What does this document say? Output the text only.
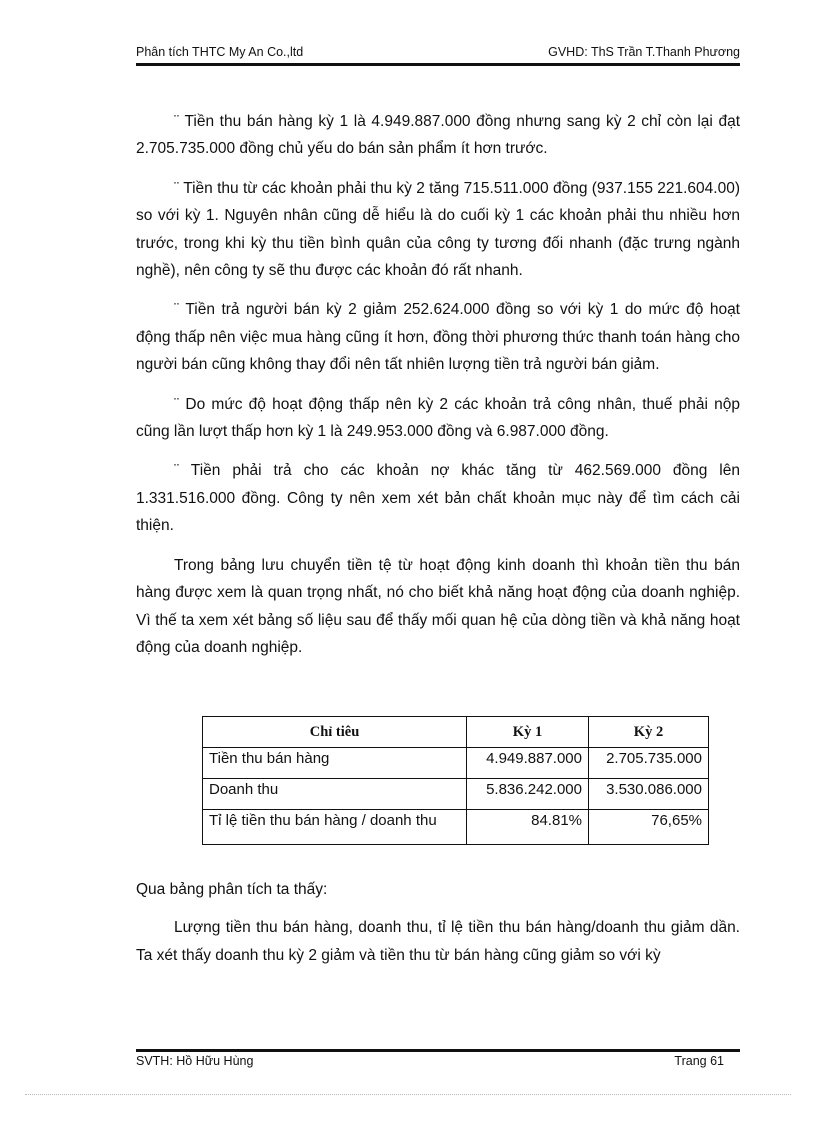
Phân tích THTC My An Co.,ltd	GVHD: ThS Trần T.Thanh Phương

¨ Tiền thu bán hàng kỳ 1 là 4.949.887.000 đồng nhưng sang kỳ 2 chỉ còn lại đạt 2.705.735.000 đồng chủ yếu do bán sản phẩm ít hơn trước.

¨ Tiền thu từ các khoản phải thu kỳ 2 tăng 715.511.000 đồng (937.155 221.604.00) so với kỳ 1. Nguyên nhân cũng dễ hiểu là do cuối kỳ 1 các khoản phải thu nhiều hơn trước, trong khi kỳ thu tiền bình quân của công ty tương đối nhanh (đặc trưng ngành nghề), nên công ty sẽ thu được các khoản đó rất nhanh.

¨ Tiền trả người bán kỳ 2 giảm 252.624.000 đồng so với kỳ 1 do mức độ hoạt động thấp nên việc mua hàng cũng ít hơn, đồng thời phương thức thanh toán hàng cho người bán cũng không thay đổi nên tất nhiên lượng tiền trả người bán giảm.

¨ Do mức độ hoạt động thấp nên kỳ 2 các khoản trả công nhân, thuế phải nộp cũng lần lượt thấp hơn kỳ 1 là 249.953.000 đồng và 6.987.000 đồng.

¨ Tiền phải trả cho các khoản nợ khác tăng từ 462.569.000 đồng lên 1.331.516.000 đồng. Công ty nên xem xét bản chất khoản mục này để tìm cách cải thiện.

Trong bảng lưu chuyển tiền tệ từ hoạt động kinh doanh thì khoản tiền thu bán hàng được xem là quan trọng nhất, nó cho biết khả năng hoạt động của doanh nghiệp. Vì thế ta xem xét bảng số liệu sau để thấy mối quan hệ của dòng tiền và khả năng hoạt động của doanh nghiệp.

Chỉ tiêu	Kỳ 1	Kỳ 2
Tiền thu bán hàng	4.949.887.000	2.705.735.000
Doanh thu	5.836.242.000	3.530.086.000
Tỉ lệ tiền thu bán hàng / doanh thu	84.81%	76,65%

Qua bảng phân tích ta thấy:

Lượng tiền thu bán hàng, doanh thu, tỉ lệ tiền thu bán hàng/doanh thu giảm dần. Ta xét thấy doanh thu kỳ 2 giảm và tiền thu từ bán hàng cũng giảm so với kỳ

SVTH: Hồ Hữu Hùng	Trang 61
